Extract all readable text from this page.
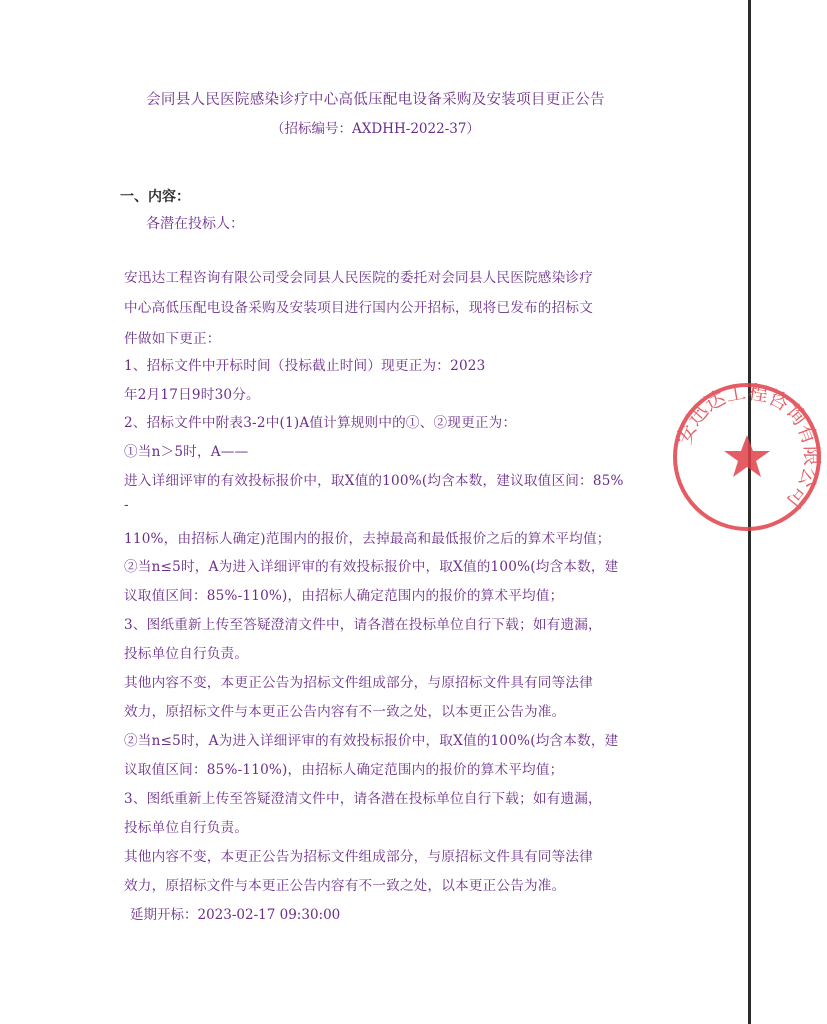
会同县人民医院感染诊疗中心高低压配电设备采购及安装项目更正公告
（招标编号：AXDHH-2022-37）
一、内容：
各潜在投标人：
安迅达工程咨询有限公司受会同县人民医院的委托对会同县人民医院感染诊疗
中心高低压配电设备采购及安装项目进行国内公开招标，现将已发布的招标文
件做如下更正：
1、招标文件中开标时间（投标截止时间）现更正为：2023
年2月17日9时30分。
2、招标文件中附表3-2中(1)A值计算规则中的①、②现更正为：
①当n＞5时，A——
进入详细评审的有效投标报价中，取X值的100%(均含本数，建议取值区间：85%
-
110%，由招标人确定)范围内的报价，去掉最高和最低报价之后的算术平均值；
②当n≤5时，A为进入详细评审的有效投标报价中，取X值的100%(均含本数，建
议取值区间：85%-110%)，由招标人确定范围内的报价的算术平均值；
3、图纸重新上传至答疑澄清文件中，请各潜在投标单位自行下载；如有遗漏，
投标单位自行负责。
其他内容不变，本更正公告为招标文件组成部分，与原招标文件具有同等法律
效力，原招标文件与本更正公告内容有不一致之处，以本更正公告为准。
②当n≤5时，A为进入详细评审的有效投标报价中，取X值的100%(均含本数，建
议取值区间：85%-110%)，由招标人确定范围内的报价的算术平均值；
3、图纸重新上传至答疑澄清文件中，请各潜在投标单位自行下载；如有遗漏，
投标单位自行负责。
其他内容不变，本更正公告为招标文件组成部分，与原招标文件具有同等法律
效力，原招标文件与本更正公告内容有不一致之处，以本更正公告为准。
延期开标：2023-02-17 09:30:00
安迅达工程咨询有限公司
